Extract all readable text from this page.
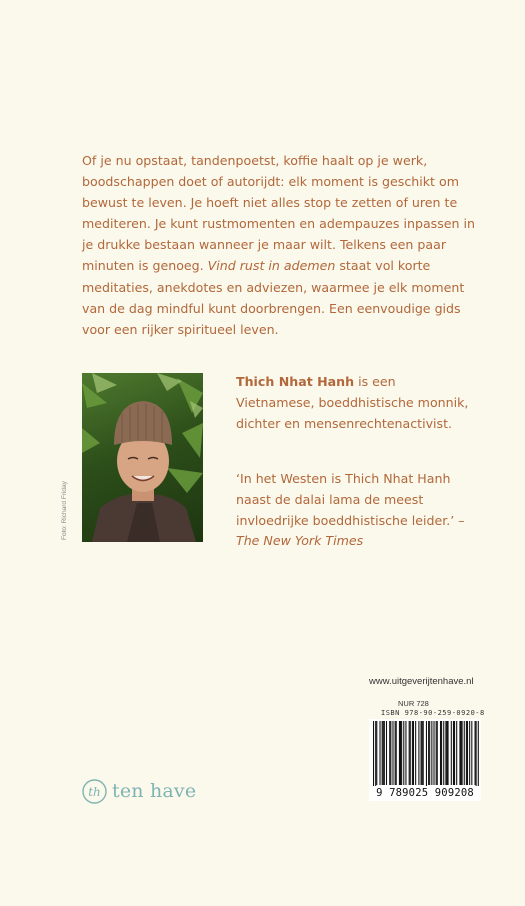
Of je nu opstaat, tandenpoetst, koffie haalt op je werk, boodschappen doet of autorijdt: elk moment is geschikt om bewust te leven. Je hoeft niet alles stop te zetten of uren te mediteren. Je kunt rustmomenten en adempauzes inpassen in je drukke bestaan wanneer je maar wilt. Telkens een paar minuten is genoeg. Vind rust in ademen staat vol korte meditaties, anekdotes en adviezen, waarmee je elk moment van de dag mindful kunt doorbrengen. Een eenvoudige gids voor een rijker spiritueel leven.
Foto: Richard Friday
Thich Nhat Hanh is een Vietnamese, boeddhistische monnik, dichter en mensenrechtenactivist.
‘In het Westen is Thich Nhat Hanh naast de dalai lama de meest invloedrijke boeddhistische leider.’ –
The New York Times
www.uitgeverijtenhave.nl
NUR 728
ISBN 978-90-259-0920-8
9 789025 909208
th ten have
